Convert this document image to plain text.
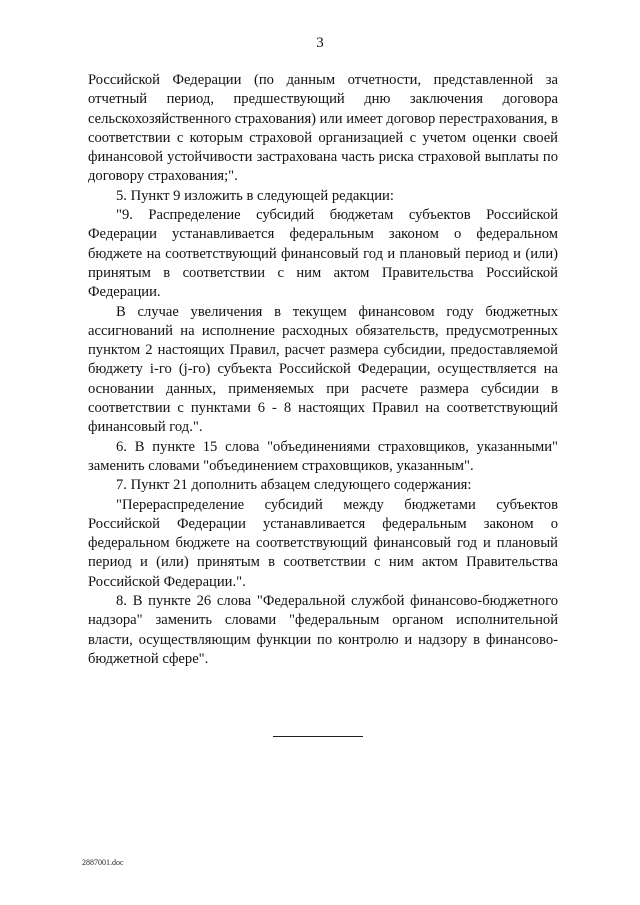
3

Российской Федерации (по данным отчетности, представленной за отчетный период, предшествующий дню заключения договора сельскохозяйственного страхования) или имеет договор перестрахования, в соответствии с которым страховой организацией с учетом оценки своей финансовой устойчивости застрахована часть риска страховой выплаты по договору страхования;".

5. Пункт 9 изложить в следующей редакции:

"9. Распределение субсидий бюджетам субъектов Российской Федерации устанавливается федеральным законом о федеральном бюджете на соответствующий финансовый год и плановый период и (или) принятым в соответствии с ним актом Правительства Российской Федерации.

В случае увеличения в текущем финансовом году бюджетных ассигнований на исполнение расходных обязательств, предусмотренных пунктом 2 настоящих Правил, расчет размера субсидии, предоставляемой бюджету i-го (j-го) субъекта Российской Федерации, осуществляется на основании данных, применяемых при расчете размера субсидии в соответствии с пунктами 6 - 8 настоящих Правил на соответствующий финансовый год.".

6. В пункте 15 слова "объединениями страховщиков, указанными" заменить словами "объединением страховщиков, указанным".

7. Пункт 21 дополнить абзацем следующего содержания:

"Перераспределение субсидий между бюджетами субъектов Российской Федерации устанавливается федеральным законом о федеральном бюджете на соответствующий финансовый год и плановый период и (или) принятым в соответствии с ним актом Правительства Российской Федерации.".

8. В пункте 26 слова "Федеральной службой финансово-бюджетного надзора" заменить словами "федеральным органом исполнительной власти, осуществляющим функции по контролю и надзору в финансово-бюджетной сфере".

2887001.doc
